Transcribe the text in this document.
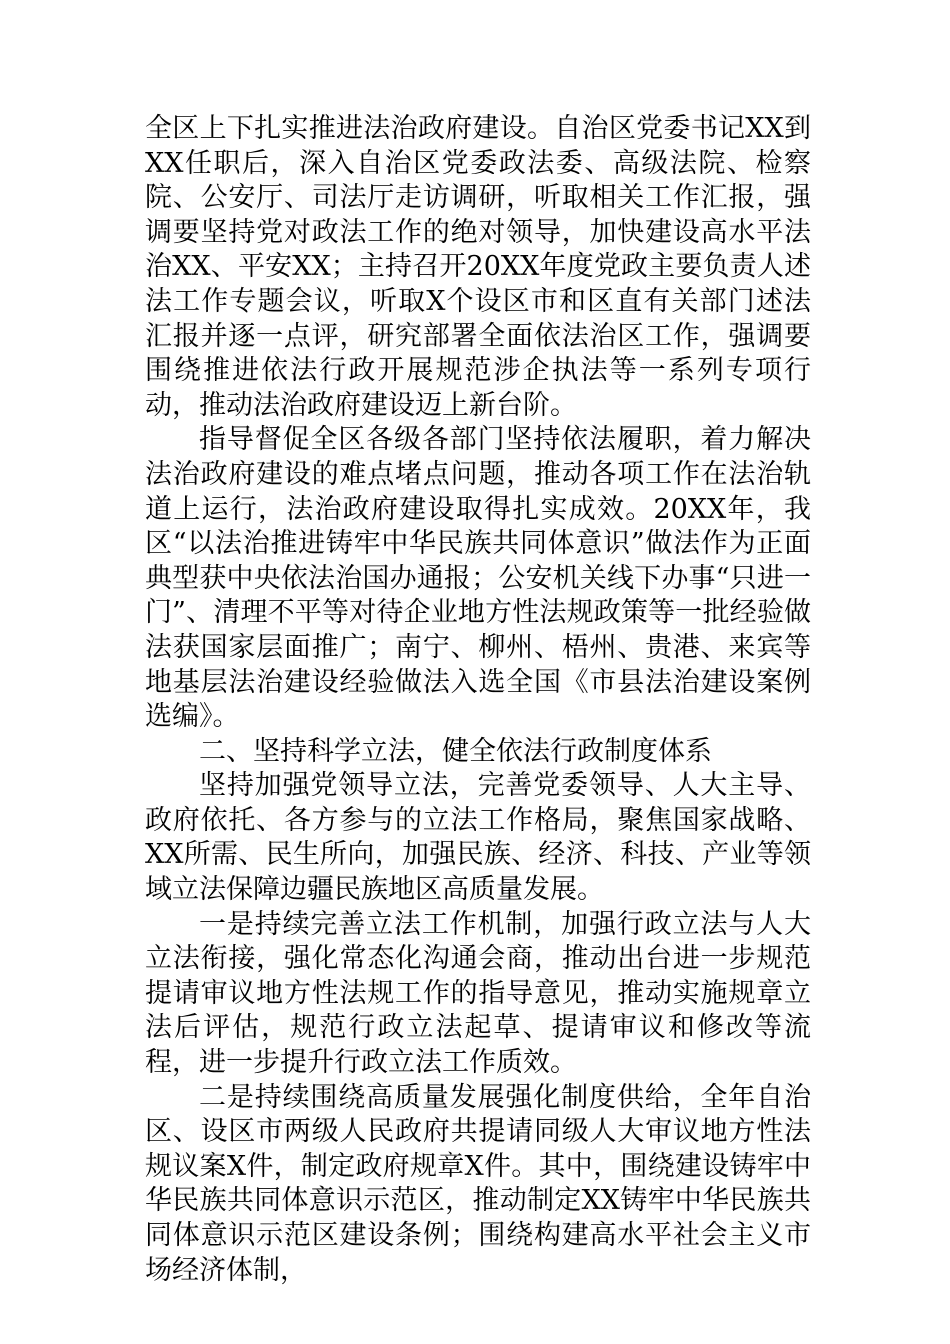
全区上下扎实推进法治政府建设。自治区党委书记XX到XX任职后，深入自治区党委政法委、高级法院、检察院、公安厅、司法厅走访调研，听取相关工作汇报，强调要坚持党对政法工作的绝对领导，加快建设高水平法治XX、平安XX；主持召开20XX年度党政主要负责人述法工作专题会议，听取X个设区市和区直有关部门述法汇报并逐一点评，研究部署全面依法治区工作，强调要围绕推进依法行政开展规范涉企执法等一系列专项行动，推动法治政府建设迈上新台阶。

指导督促全区各级各部门坚持依法履职，着力解决法治政府建设的难点堵点问题，推动各项工作在法治轨道上运行，法治政府建设取得扎实成效。20XX年，我区“以法治推进铸牢中华民族共同体意识”做法作为正面典型获中央依法治国办通报；公安机关线下办事“只进一门”、清理不平等对待企业地方性法规政策等一批经验做法获国家层面推广；南宁、柳州、梧州、贵港、来宾等地基层法治建设经验做法入选全国《市县法治建设案例选编》。

二、坚持科学立法，健全依法行政制度体系

坚持加强党领导立法，完善党委领导、人大主导、政府依托、各方参与的立法工作格局，聚焦国家战略、XX所需、民生所向，加强民族、经济、科技、产业等领域立法保障边疆民族地区高质量发展。

一是持续完善立法工作机制，加强行政立法与人大立法衔接，强化常态化沟通会商，推动出台进一步规范提请审议地方性法规工作的指导意见，推动实施规章立法后评估，规范行政立法起草、提请审议和修改等流程，进一步提升行政立法工作质效。

二是持续围绕高质量发展强化制度供给，全年自治区、设区市两级人民政府共提请同级人大审议地方性法规议案X件，制定政府规章X件。其中，围绕建设铸牢中华民族共同体意识示范区，推动制定XX铸牢中华民族共同体意识示范区建设条例；围绕构建高水平社会主义市场经济体制，
